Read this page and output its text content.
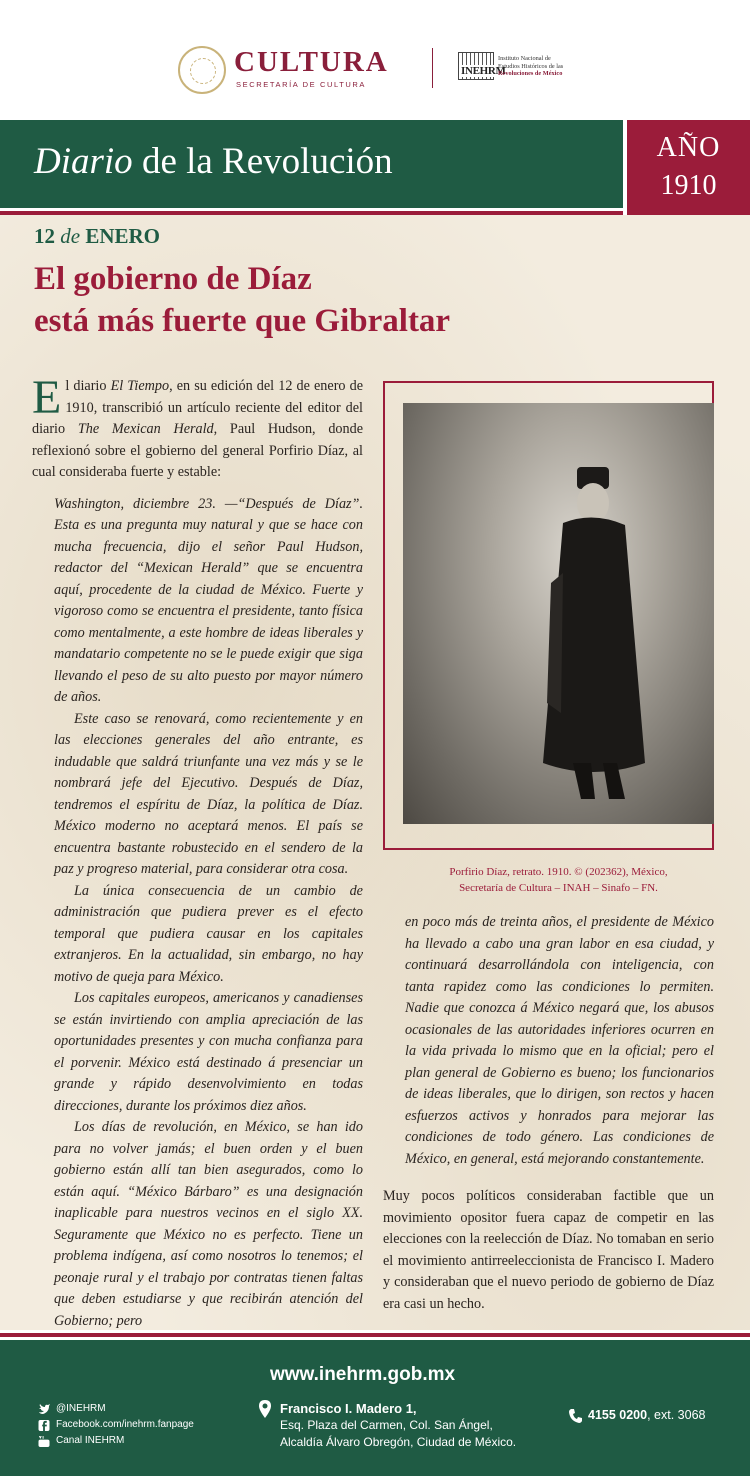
CULTURA
SECRETARÍA DE CULTURA
INEHRM
Instituto Nacional de
Estudios Históricos de las
Revoluciones de México
Diario de la Revolución	AÑO
1910
12 de ENERO
El gobierno de Díaz
está más fuerte que Gibraltar

El diario El Tiempo, en su edición del 12 de enero de 1910, transcribió un artículo reciente del editor del diario The Mexican Herald, Paul Hudson, donde reflexionó sobre el gobierno del general Porfirio Díaz, al cual consideraba fuerte y estable:

Washington, diciembre 23. —“Después de Díaz”. Esta es una pregunta muy natural y que se hace con mucha frecuencia, dijo el señor Paul Hudson, redactor del “Mexican Herald” que se encuentra aquí, procedente de la ciudad de México. Fuerte y vigoroso como se encuentra el presidente, tanto física como mentalmente, a este hombre de ideas liberales y mandatario competente no se le puede exigir que siga llevando el peso de su alto puesto por mayor número de años.

Este caso se renovará, como recientemente y en las elecciones generales del año entrante, es indudable que saldrá triunfante una vez más y se le nombrará jefe del Ejecutivo. Después de Díaz, tendremos el espíritu de Díaz, la política de Díaz. México moderno no aceptará menos. El país se encuentra bastante robustecido en el sendero de la paz y progreso material, para considerar otra cosa.

La única consecuencia de un cambio de administración que pudiera prever es el efecto temporal que pudiera causar en los capitales extranjeros. En la actualidad, sin embargo, no hay motivo de queja para México.

Los capitales europeos, americanos y canadienses se están invirtiendo con amplia apreciación de las oportunidades presentes y con mucha confianza para el porvenir. México está destinado á presenciar un grande y rápido desenvolvimiento en todas direcciones, durante los próximos diez años.

Los días de revolución, en México, se han ido para no volver jamás; el buen orden y el buen gobierno están allí tan bien asegurados, como lo están aquí. “México Bárbaro” es una designación inaplicable para nuestros vecinos en el siglo XX. Seguramente que México no es perfecto. Tiene un problema indígena, así como nosotros lo tenemos; el peonaje rural y el trabajo por contratas tienen faltas que deben estudiarse y que recibirán atención del Gobierno; pero

Porfirio Díaz, retrato. 1910. © (202362), México,
Secretaría de Cultura – INAH – Sinafo – FN.

en poco más de treinta años, el presidente de México ha llevado a cabo una gran labor en esa ciudad, y continuará desarrollándola con inteligencia, con tanta rapidez como las condiciones lo permiten. Nadie que conozca á México negará que, los abusos ocasionales de las autoridades inferiores ocurren en la vida privada lo mismo que en la oficial; pero el plan general de Gobierno es bueno; los funcionarios de ideas liberales, que lo dirigen, son rectos y hacen esfuerzos activos y honrados para mejorar las condiciones de todo género. Las condiciones de México, en general, está mejorando constantemente.

Muy pocos políticos consideraban factible que un movimiento opositor fuera capaz de competir en las elecciones con la reelección de Díaz. No tomaban en serio el movimiento antirreeleccionista de Francisco I. Madero y consideraban que el nuevo periodo de gobierno de Díaz era casi un hecho.

www.inehrm.gob.mx
@INEHRM
Facebook.com/inehrm.fanpage
Canal INEHRM
Francisco I. Madero 1,
Esq. Plaza del Carmen, Col. San Ángel,
Alcaldía Álvaro Obregón, Ciudad de México.
4155 0200, ext. 3068
